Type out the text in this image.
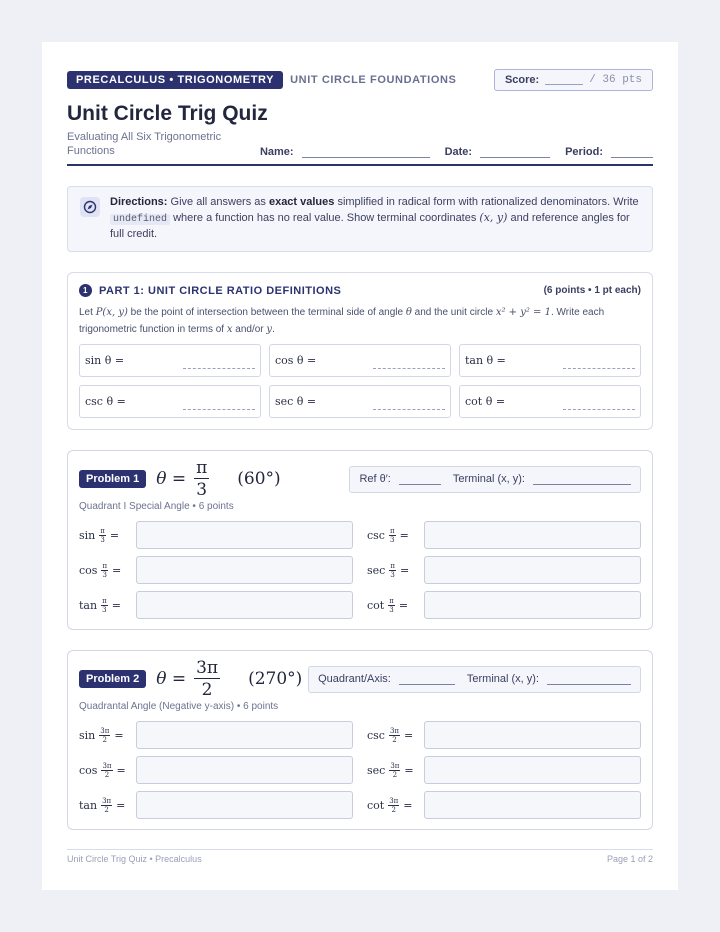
PRECALCULUS • TRIGONOMETRY	UNIT CIRCLE FOUNDATIONS	Score:	/ 36 pts
Unit Circle Trig Quiz
Evaluating All Six Trigonometric Functions	Name:	Date:	Period:
Directions: Give all answers as exact values simplified in radical form with rationalized denominators. Write undefined where a function has no real value. Show terminal coordinates (x, y) and reference angles for full credit.
1	PART 1: UNIT CIRCLE RATIO DEFINITIONS	(6 points • 1 pt each)
Let P(x, y) be the point of intersection between the terminal side of angle θ and the unit circle x² + y² = 1. Write each trigonometric function in terms of x and/or y.
sin θ =	cos θ =	tan θ =
csc θ =	sec θ =	cot θ =
Problem 1	$\theta = \frac{\pi}{3} (60^\circ)$	Ref θ′:	Terminal (x, y):
Quadrant I Special Angle • 6 points
$\sin \frac{\pi}{3}$ =	$\csc \frac{\pi}{3}$ =
$\cos \frac{\pi}{3}$ =	$\sec \frac{\pi}{3}$ =
$\tan \frac{\pi}{3}$ =	$\cot \frac{\pi}{3}$ =
Problem 2	$\theta = \frac{3\pi}{2} (270^\circ)$ Quadrant/Axis:	Terminal (x, y):
Quadrantal Angle (Negative y-axis) • 6 points
$\sin \frac{3\pi}{2}$ =	$\csc \frac{3\pi}{2}$ =
$\cos \frac{3\pi}{2}$ =	$\sec \frac{3\pi}{2}$ =
$\tan \frac{3\pi}{2}$ =	$\cot \frac{3\pi}{2}$ =
Unit Circle Trig Quiz • Precalculus	Page 1 of 2
